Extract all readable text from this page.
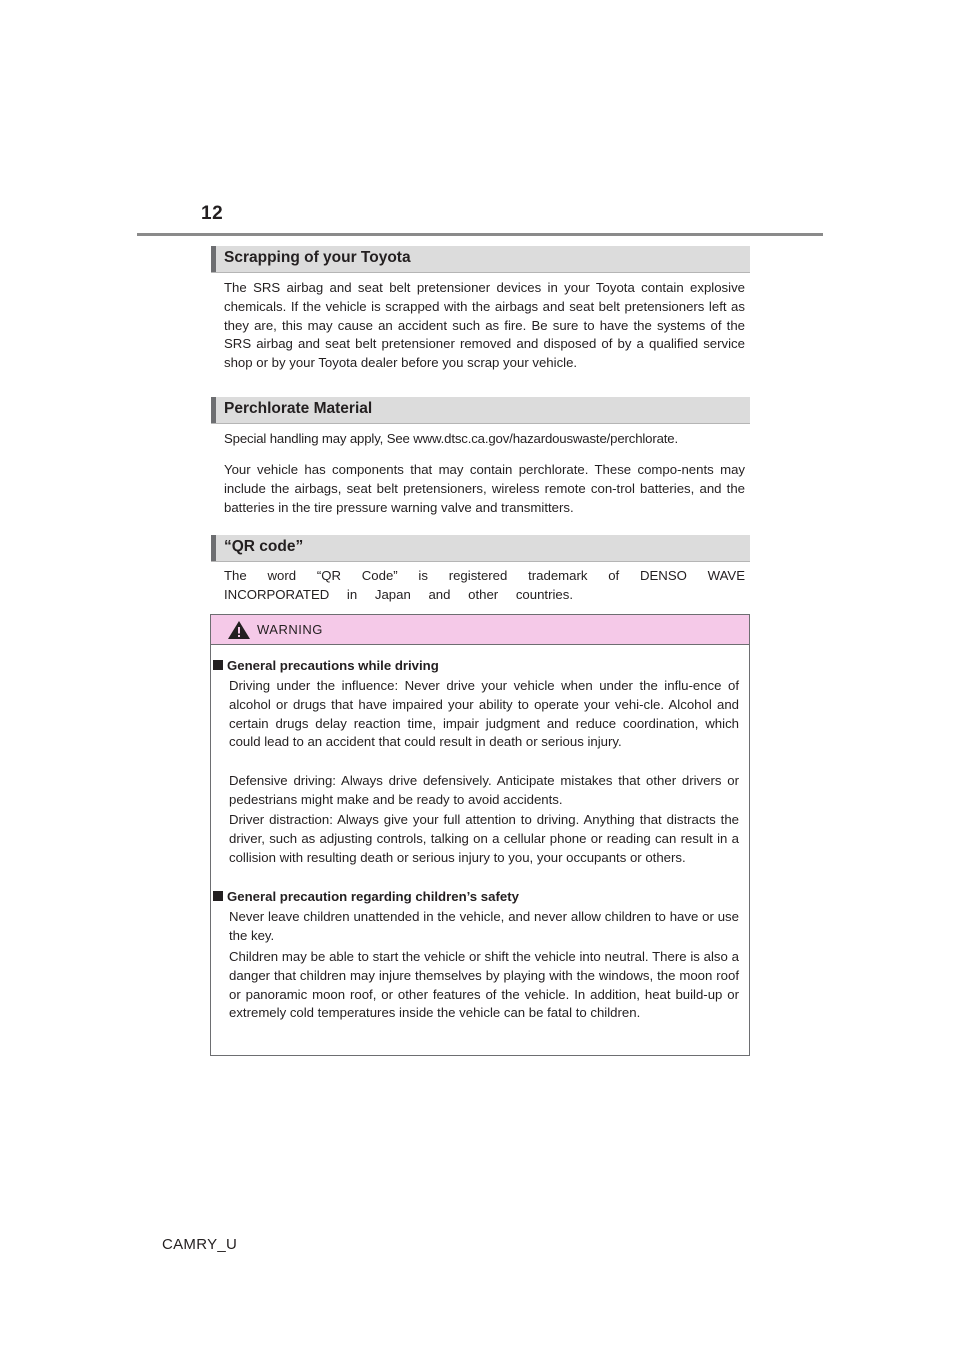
12
Scrapping of your Toyota

The SRS airbag and seat belt pretensioner devices in your Toyota contain explosive chemicals. If the vehicle is scrapped with the airbags and seat belt pretensioners left as they are, this may cause an accident such as fire. Be sure to have the systems of the SRS airbag and seat belt pretensioner removed and disposed of by a qualified service shop or by your Toyota dealer before you scrap your vehicle.

Perchlorate Material

Special handling may apply, See www.dtsc.ca.gov/hazardouswaste/perchlorate.

Your vehicle has components that may contain perchlorate. These compo-nents may include the airbags, seat belt pretensioners, wireless remote con-trol batteries, and the batteries in the tire pressure warning valve and transmitters.

“QR code”

The word “QR Code” is registered trademark of DENSO WAVE INCORPORATED in Japan and other countries.

WARNING
General precautions while driving

Driving under the influence: Never drive your vehicle when under the influ-ence of alcohol or drugs that have impaired your ability to operate your vehi-cle. Alcohol and certain drugs delay reaction time, impair judgment and reduce coordination, which could lead to an accident that could result in death or serious injury.

Defensive driving: Always drive defensively. Anticipate mistakes that other drivers or pedestrians might make and be ready to avoid accidents.

Driver distraction: Always give your full attention to driving. Anything that distracts the driver, such as adjusting controls, talking on a cellular phone or reading can result in a collision with resulting death or serious injury to you, your occupants or others.

General precaution regarding children’s safety

Never leave children unattended in the vehicle, and never allow children to have or use the key.

Children may be able to start the vehicle or shift the vehicle into neutral. There is also a danger that children may injure themselves by playing with the windows, the moon roof or panoramic moon roof, or other features of the vehicle. In addition, heat build-up or extremely cold temperatures inside the vehicle can be fatal to children.

CAMRY_U
